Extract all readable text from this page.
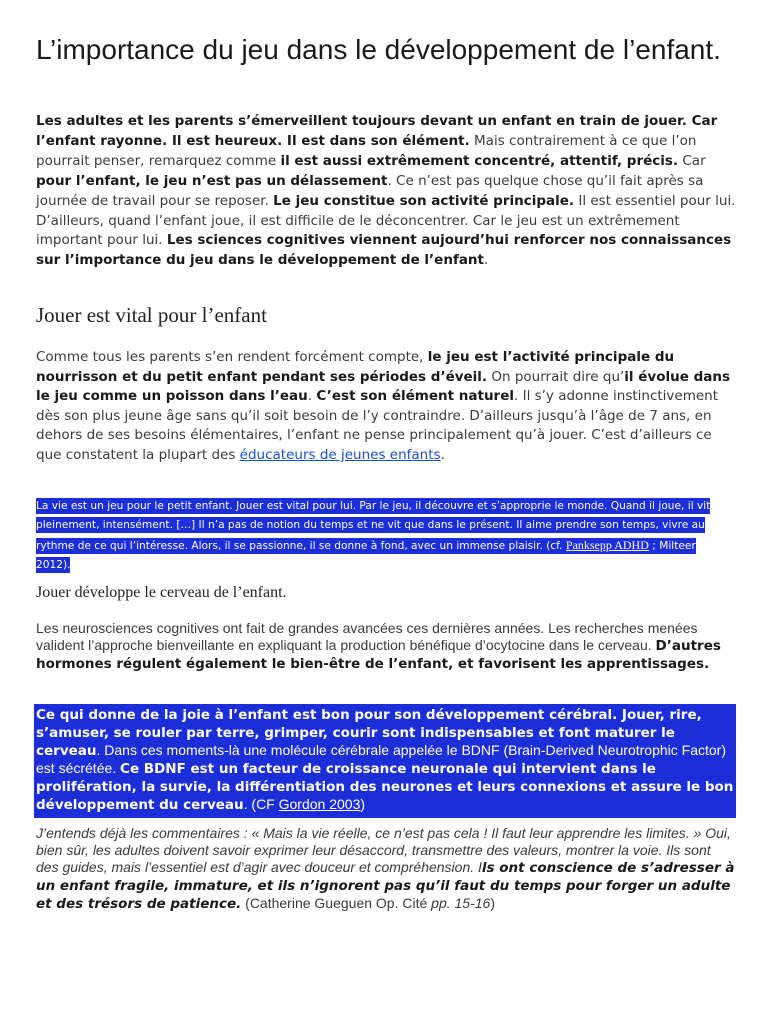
L’importance du jeu dans le développement de l’enfant.

Les adultes et les parents s’émerveillent toujours devant un enfant en train de jouer. Car l’enfant rayonne. Il est heureux. Il est dans son élément. Mais contrairement à ce que l’on pourrait penser, remarquez comme il est aussi extrêmement concentré, attentif, précis. Car pour l’enfant, le jeu n’est pas un délassement. Ce n’est pas quelque chose qu’il fait après sa journée de travail pour se reposer. Le jeu constitue son activité principale. Il est essentiel pour lui. D’ailleurs, quand l’enfant joue, il est difficile de le déconcentrer. Car le jeu est un extrêmement important pour lui. Les sciences cognitives viennent aujourd’hui renforcer nos connaissances sur l’importance du jeu dans le développement de l’enfant.

Jouer est vital pour l’enfant

Comme tous les parents s’en rendent forcément compte, le jeu est l’activité principale du nourrisson et du petit enfant pendant ses périodes d’éveil. On pourrait dire qu’il évolue dans le jeu comme un poisson dans l’eau. C’est son élément naturel. Il s’y adonne instinctivement dès son plus jeune âge sans qu’il soit besoin de l’y contraindre. D’ailleurs jusqu’à l’âge de 7 ans, en dehors de ses besoins élémentaires, l’enfant ne pense principalement qu’à jouer. C’est d’ailleurs ce que constatent la plupart des éducateurs de jeunes enfants.

La vie est un jeu pour le petit enfant. Jouer est vital pour lui. Par le jeu, il découvre et s’approprie le monde. Quand il joue, il vit pleinement, intensément. […] Il n’a pas de notion du temps et ne vit que dans le présent. Il aime prendre son temps, vivre au rythme de ce qui l’intéresse. Alors, il se passionne, il se donne à fond, avec un immense plaisir. (cf. Panksepp ADHD ; Milteer 2012).

Jouer développe le cerveau de l’enfant.

Les neurosciences cognitives ont fait de grandes avancées ces dernières années. Les recherches menées valident l’approche bienveillante en expliquant la production bénéfique d’ocytocine dans le cerveau. D’autres hormones régulent également le bien-être de l’enfant, et favorisent les apprentissages.

Ce qui donne de la joie à l’enfant est bon pour son développement cérébral. Jouer, rire, s’amuser, se rouler par terre, grimper, courir sont indispensables et font maturer le cerveau. Dans ces moments-là une molécule cérébrale appelée le BDNF (Brain-Derived Neurotrophic Factor) est sécrétée. Ce BDNF est un facteur de croissance neuronale qui intervient dans le prolifération, la survie, la différentiation des neurones et leurs connexions et assure le bon développement du cerveau. (CF Gordon 2003)

J’entends déjà les commentaires : « Mais la vie réelle, ce n’est pas cela ! Il faut leur apprendre les limites. » Oui, bien sûr, les adultes doivent savoir exprimer leur désaccord, transmettre des valeurs, montrer la voie. Ils sont des guides, mais l’essentiel est d’agir avec douceur et compréhension. Ils ont conscience de s’adresser à un enfant fragile, immature, et ils n’ignorent pas qu’il faut du temps pour forger un adulte et des trésors de patience. (Catherine Gueguen Op. Cité pp. 15-16)
